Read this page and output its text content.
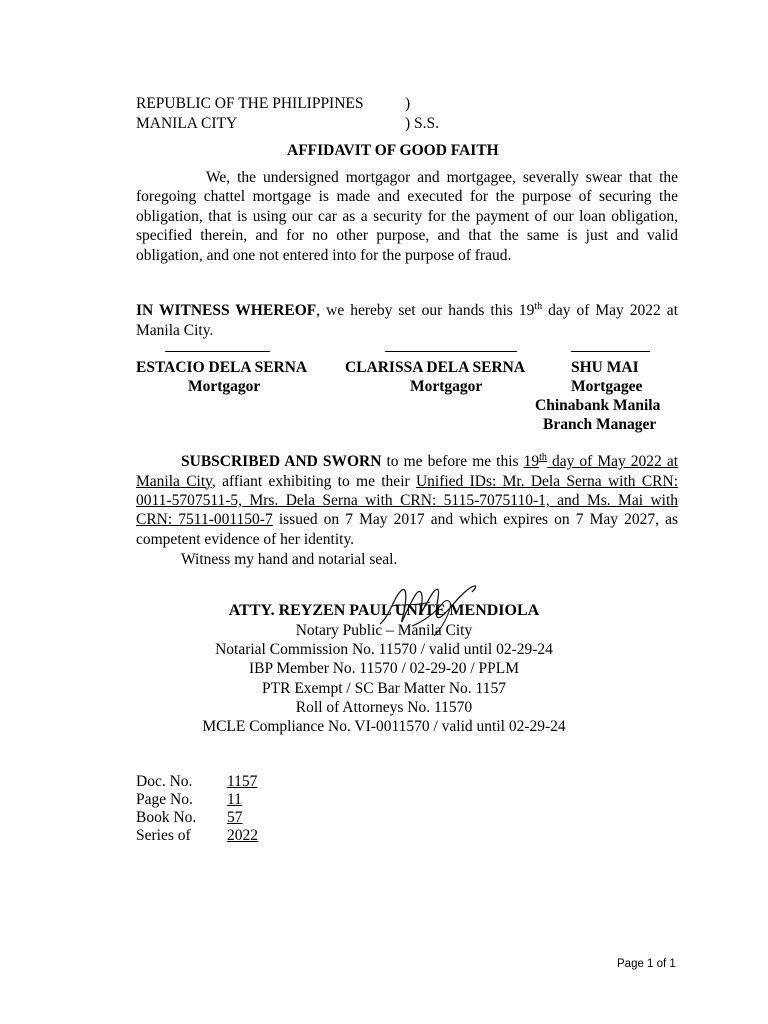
REPUBLIC OF THE PHILIPPINES	)
MANILA CITY	) S.S.
AFFIDAVIT OF GOOD FAITH
We, the undersigned mortgagor and mortgagee, severally swear that the foregoing chattel mortgage is made and executed for the purpose of securing the obligation, that is using our car as a security for the payment of our loan obligation, specified therein, and for no other purpose, and that the same is just and valid obligation, and one not entered into for the purpose of fraud.
IN WITNESS WHEREOF, we hereby set our hands this 19th day of May 2022 at Manila City.
ESTACIO DELA SERNA
Mortgagor
CLARISSA DELA SERNA
Mortgagor
SHU MAI
Mortgagee
Chinabank Manila
Branch Manager
SUBSCRIBED AND SWORN to me before me this 19th day of May 2022 at Manila City, affiant exhibiting to me their Unified IDs: Mr. Dela Serna with CRN: 0011-5707511-5, Mrs. Dela Serna with CRN: 5115-7075110-1, and Ms. Mai with CRN: 7511-001150-7 issued on 7 May 2017 and which expires on 7 May 2027, as competent evidence of her identity.
Witness my hand and notarial seal.
ATTY. REYZEN PAUL UNITE MENDIOLA
Notary Public – Manila City
Notarial Commission No. 11570 / valid until 02-29-24
IBP Member No. 11570 / 02-29-20 / PPLM
PTR Exempt / SC Bar Matter No. 1157
Roll of Attorneys No. 11570
MCLE Compliance No. VI-0011570 / valid until 02-29-24
Doc. No. 1157
Page No. 11
Book No. 57
Series of 2022
Page 1 of 1
